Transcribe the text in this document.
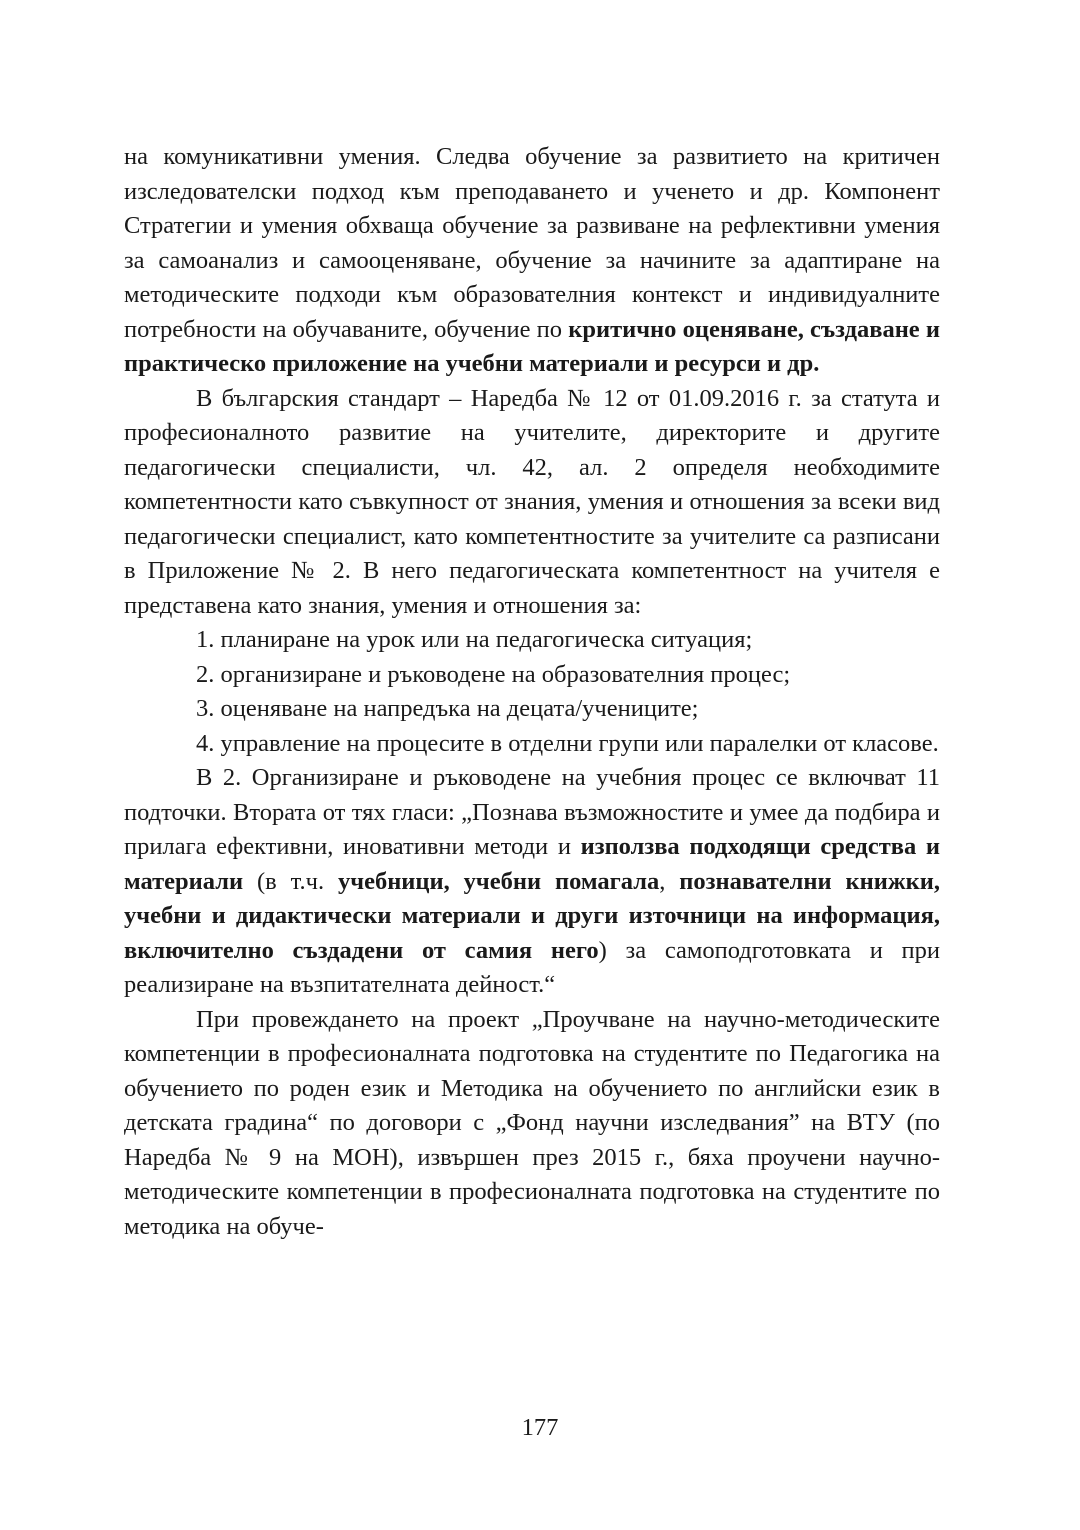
на комуникативни умения. Следва обучение за развитието на критичен изследователски подход към преподаването и ученето и др. Компонент Стратегии и умения обхваща обучение за развиване на рефлективни умения за самоанализ и самооценяване, обучение за начините за адаптиране на методическите подходи към образователния контекст и индивидуалните потребности на обучаваните, обучение по критично оценяване, създаване и практическо приложение на учебни материали и ресурси и др.

В българския стандарт – Наредба № 12 от 01.09.2016 г. за статута и професионалното развитие на учителите, директорите и другите педагогически специалисти, чл. 42, ал. 2 определя необходимите компетентности като съвкупност от знания, умения и отношения за всеки вид педагогически специалист, като компетентностите за учителите са разписани в Приложение № 2. В него педагогическата компетентност на учителя е представена като знания, умения и отношения за:

1. планиране на урок или на педагогическа ситуация;

2. организиране и ръководене на образователния процес;

3. оценяване на напредъка на децата/учениците;

4. управление на процесите в отделни групи или паралелки от класове.

В 2. Организиране и ръководене на учебния процес се включват 11 подточки. Втората от тях гласи: „Познава възможностите и умее да подбира и прилага ефективни, иновативни методи и използва подходящи средства и материали (в т.ч. учебници, учебни помагала, познавателни книжки, учебни и дидактически материали и други източници на информация, включително създадени от самия него) за самоподготовката и при реализиране на възпитателната дейност.“

При провеждането на проект „Проучване на научно-методическите компетенции в професионалната подготовка на студентите по Педагогика на обучението по роден език и Методика на обучението по английски език в детската градина“ по договори с „Фонд научни изследвания” на ВТУ (по Наредба № 9 на МОН), извършен през 2015 г., бяха проучени научно-методическите компетенции в професионалната подготовка на студентите по методика на обуче-

177
